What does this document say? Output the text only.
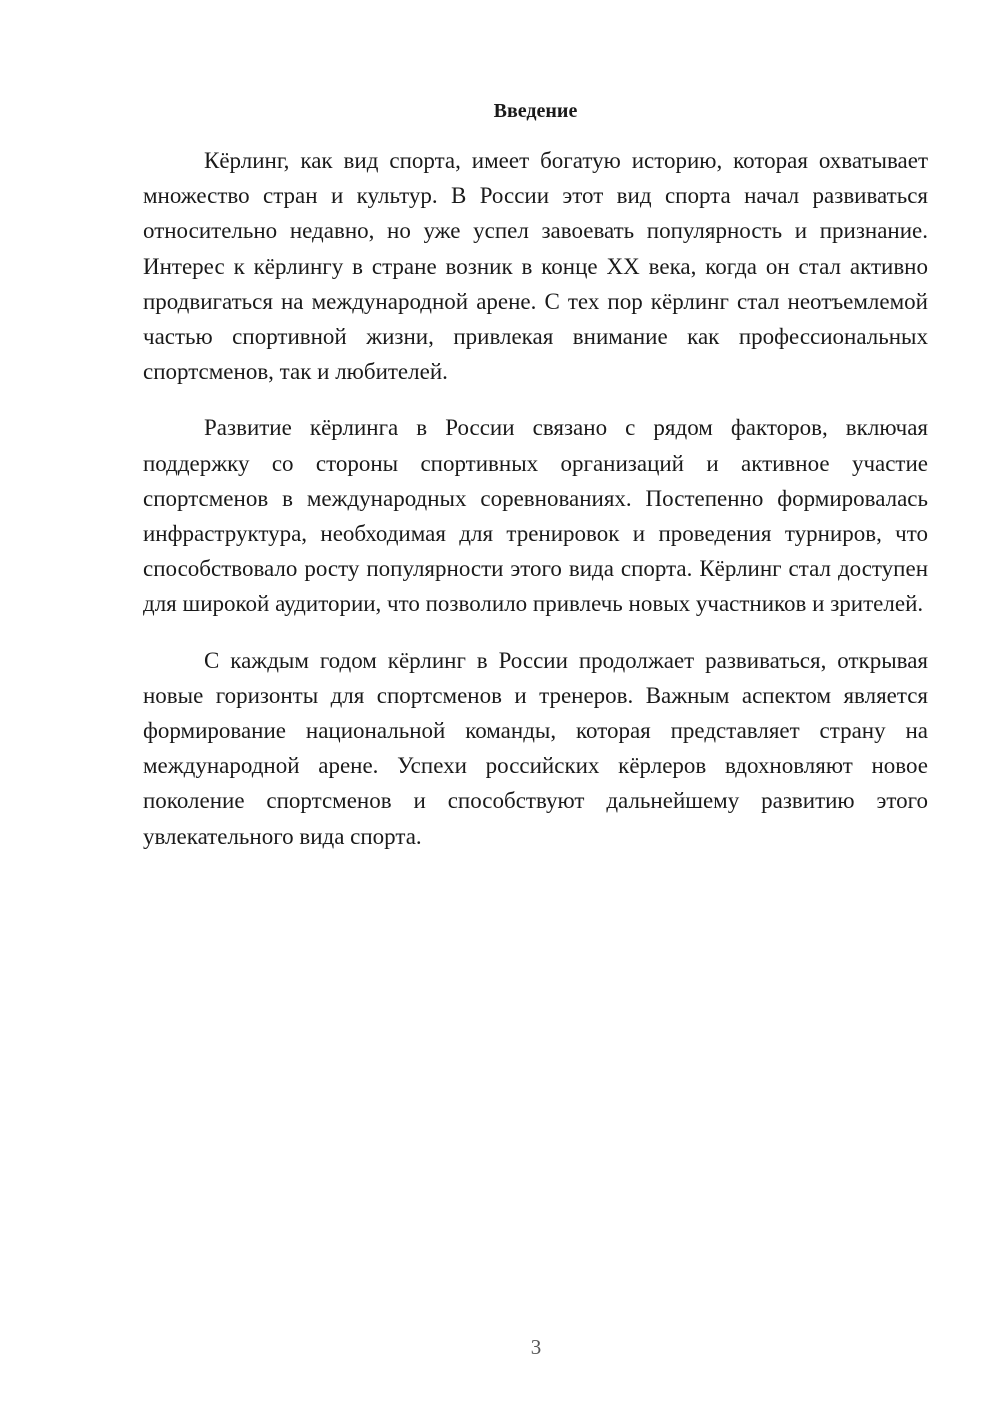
Введение

Кёрлинг, как вид спорта, имеет богатую историю, которая охватывает множество стран и культур. В России этот вид спорта начал развиваться относительно недавно, но уже успел завоевать популярность и признание. Интерес к кёрлингу в стране возник в конце XX века, когда он стал активно продвигаться на международной арене. С тех пор кёрлинг стал неотъемлемой частью спортивной жизни, привлекая внимание как профессиональных спортсменов, так и любителей.

Развитие кёрлинга в России связано с рядом факторов, включая поддержку со стороны спортивных организаций и активное участие спортсменов в международных соревнованиях. Постепенно формировалась инфраструктура, необходимая для тренировок и проведения турниров, что способствовало росту популярности этого вида спорта. Кёрлинг стал доступен для широкой аудитории, что позволило привлечь новых участников и зрителей.

С каждым годом кёрлинг в России продолжает развиваться, открывая новые горизонты для спортсменов и тренеров. Важным аспектом является формирование национальной команды, которая представляет страну на международной арене. Успехи российских кёрлеров вдохновляют новое поколение спортсменов и способствуют дальнейшему развитию этого увлекательного вида спорта.

3
